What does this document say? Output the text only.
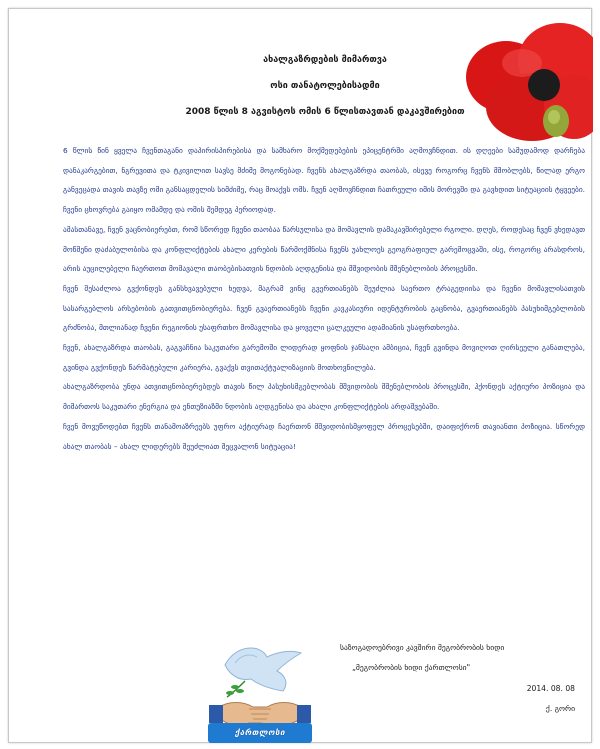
ახალგაზრდების მიმართვა
ოსი თანატოლებისადმი
2008 წლის 8 აგვისტოს ომის 6 წლისთავთან დაკავშირებით

6 წლის წინ ყველა ჩვენთაგანი დაპირისპირებისა და სამხარო მოქმედებების ეპიცენტრში აღმოვჩნდით. ის დღეები სამუდამოდ დარჩება დანაკარგებით, ნგრევითა და ტკივილით სავსე მძიმე მოგონებად. ჩვენს ახალგაზრდა თაობას, ისევე როგორც ჩვენს მშობლებს, წილად ერგო განვეცადა თავის თავზე ომი განსაცდელის სიმძიმე, რაც მოაქვს ომს. ჩვენ აღმოვჩნდით ჩათრეული იმის მორევში და გავხდით სიტუაციის ტყვეები. ჩვენი ცხოვრება გაიყო ომამდე და ომის შემდეგ პერიოდად.

ამასთანავე, ჩვენ ვაცნობიერებთ, რომ სწორედ ჩვენი თაობაა წარსულისა და მომავლის დამაკავშირებელი რგოლი. დღეს, როდესაც ჩვენ ვხედავთ მოწმენი დაძაბულობისა და კონფლიქტების ახალი კერების წარმოქმნისა ჩვენს უახლოეს გეოგრაფიულ გარემოცვაში, ისე, როგორც არასდროს, არის აუცილებელი ჩაერთოთ მომავალი თაობებისათვის ნდობის აღდგენისა და მშვიდობის მშენებლობის პროცესში.

ჩვენ შესაძლოა გვქონდეს განსხვავებული ხედვა, მაგრამ ვინც გვერთიანებს შეუძლია საერთო ტრაგედიისა და ჩვენი მომავლისათვის სასარგებლოს არსებობის გათვითცნობიერება. ჩვენ გვაერთიანებს ჩვენი კავკასიური იდენტურობის გაცნობა, გვაერთიანებს პასუხიმგებლობის გრძნობა, მთლიანად ჩვენი რეგიონის უსაფრთხო მომავლისა და ყოველი ცალკეული ადამიანის უსაფრთხოება.

ჩვენ, ახალგაზრდა თაობას, გაგვაჩნია საკუთარი გარემოში ლიდერად ყოფნის ჯანსაღი ამბიცია, ჩვენ გვინდა მოვიღოთ ღირსეული განათლება, გვინდა გვქონდეს წარმატებული კარიერა, გვაქვს თვითაქტუალიზაციის მოთხოვნილება.

ახალგაზრდობა უნდა ათვითცნობიერებდეს თავის წილ პასუხისმგებლობას მშვიდობის მშენებლობის პროცესში, ჰქონდეს აქტიური პოზიცია და მიმართოს საკუთარი ენერგია და ენთუზიაზმი ნდობის აღდგენისა და ახალი კონფლიქტების არდაშვებაში.

ჩვენ მოვუწოდებთ ჩვენს თანამოაზრეებს უფრო აქტიურად ჩაერთონ მშვიდობისმყოფელ პროცესებში, დაიფიქრონ თავიანთი პოზიცია. სწორედ ახალ თაობას – ახალ ლიდერებს შეუძლიათ შეცვალონ სიტუაცია!

ქართლოსი
საზოგადოებრივი კავშირი მეგობრობის ხიდი
„მეგობრობის ხიდი ქართლოსი"
2014. 08. 08
ქ. გორი
